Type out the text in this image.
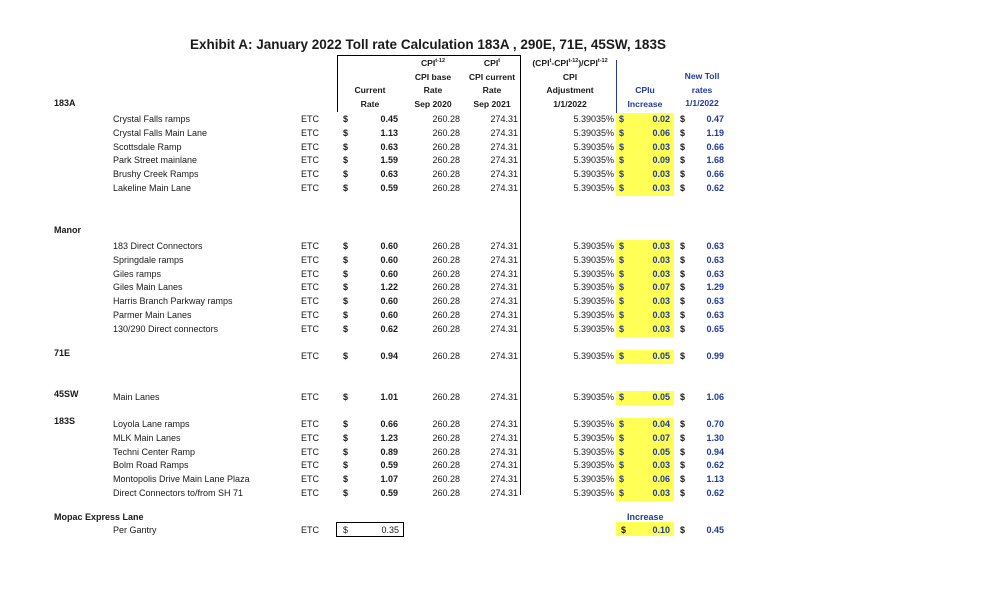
Exhibit A: January 2022 Toll rate Calculation 183A , 290E, 71E, 45SW, 183S
Current
Rate
CPI$^{t-12}$
CPI base
Rate
Sep 2020
CPI$^t$
CPI current
Rate
Sep 2021
(CPI$^t$-CPI$^{t-12}$)/CPI$^{t-12}$
CPI
Adjustment
1/1/2022
CPIu
Increase
New Toll
rates
1/1/2022
183A
Crystal Falls ramps	ETC	$	0.45	260.28	274.31	5.39035% $	0.02 $	0.47
Crystal Falls Main Lane	ETC	$	1.13	260.28	274.31	5.39035% $	0.06 $	1.19
Scottsdale Ramp	ETC	$	0.63	260.28	274.31	5.39035% $	0.03 $	0.66
Park Street mainlane	ETC	$	1.59	260.28	274.31	5.39035% $	0.09 $	1.68
Brushy Creek Ramps	ETC	$	0.63	260.28	274.31	5.39035% $	0.03 $	0.66
Lakeline Main Lane	ETC	$	0.59	260.28	274.31	5.39035% $	0.03 $	0.62
Manor
183 Direct Connectors	ETC	$	0.60	260.28	274.31	5.39035% $	0.03 $	0.63
Springdale ramps	ETC	$	0.60	260.28	274.31	5.39035% $	0.03 $	0.63
Giles ramps	ETC	$	0.60	260.28	274.31	5.39035% $	0.03 $	0.63
Giles Main Lanes	ETC	$	1.22	260.28	274.31	5.39035% $	0.07 $	1.29
Harris Branch Parkway ramps	ETC	$	0.60	260.28	274.31	5.39035% $	0.03 $	0.63
Parmer Main Lanes	ETC	$	0.60	260.28	274.31	5.39035% $	0.03 $	0.63
130/290 Direct connectors	ETC	$	0.62	260.28	274.31	5.39035% $	0.03 $	0.65
71E	ETC	$	0.94	260.28	274.31	5.39035% $	0.05 $	0.99
45SW	Main Lanes	ETC	$	1.01	260.28	274.31	5.39035% $	0.05 $	1.06
183S	Loyola Lane ramps	ETC	$	0.66	260.28	274.31	5.39035% $	0.04 $	0.70
MLK Main Lanes	ETC	$	1.23	260.28	274.31	5.39035% $	0.07 $	1.30
Techni Center Ramp	ETC	$	0.89	260.28	274.31	5.39035% $	0.05 $	0.94
Bolm Road Ramps	ETC	$	0.59	260.28	274.31	5.39035% $	0.03 $	0.62
Montopolis Drive Main Lane Plaza	ETC	$	1.07	260.28	274.31	5.39035% $	0.06 $	1.13
Direct Connectors to/from SH 71	ETC	$	0.59	260.28	274.31	5.39035% $	0.03 $	0.62
Mopac Express Lane	Increase
Per Gantry	ETC	$	0.35	$	0.10 $	0.45
